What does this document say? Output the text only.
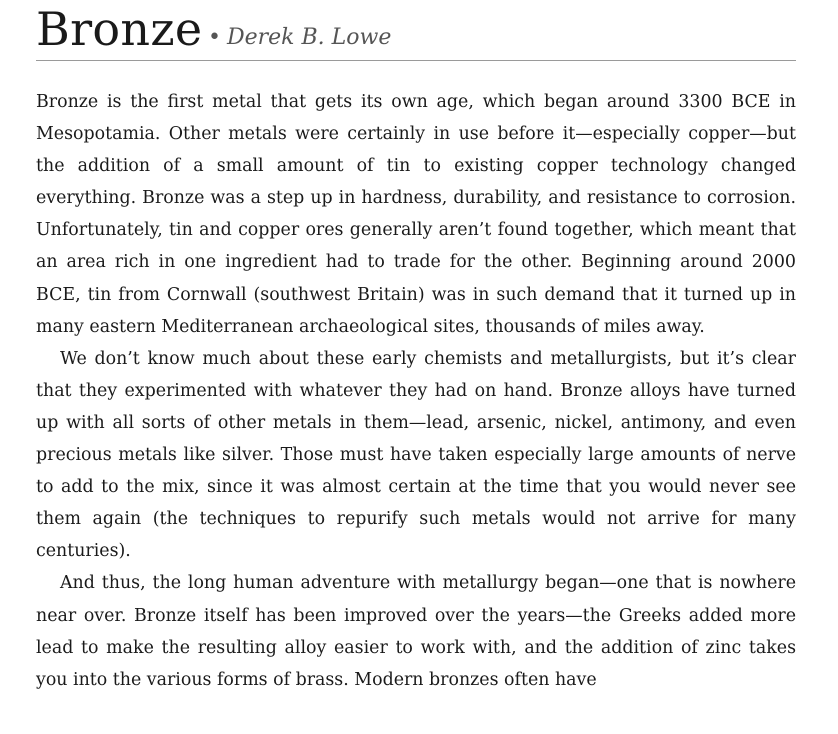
Bronze • Derek B. Lowe

Bronze is the first metal that gets its own age, which began around 3300 BCE in Mesopotamia. Other metals were certainly in use before it—especially copper—but the addition of a small amount of tin to existing copper technology changed everything. Bronze was a step up in hardness, durability, and resistance to corrosion. Unfortunately, tin and copper ores generally aren’t found together, which meant that an area rich in one ingredient had to trade for the other. Beginning around 2000 BCE, tin from Cornwall (southwest Britain) was in such demand that it turned up in many eastern Mediterranean archaeological sites, thousands of miles away.

We don’t know much about these early chemists and metallurgists, but it’s clear that they experimented with whatever they had on hand. Bronze alloys have turned up with all sorts of other metals in them—lead, arsenic, nickel, antimony, and even precious metals like silver. Those must have taken especially large amounts of nerve to add to the mix, since it was almost certain at the time that you would never see them again (the techniques to repurify such metals would not arrive for many centuries).

And thus, the long human adventure with metallurgy began—one that is nowhere near over. Bronze itself has been improved over the years—the Greeks added more lead to make the resulting alloy easier to work with, and the addition of zinc takes you into the various forms of brass. Modern bronzes often have
